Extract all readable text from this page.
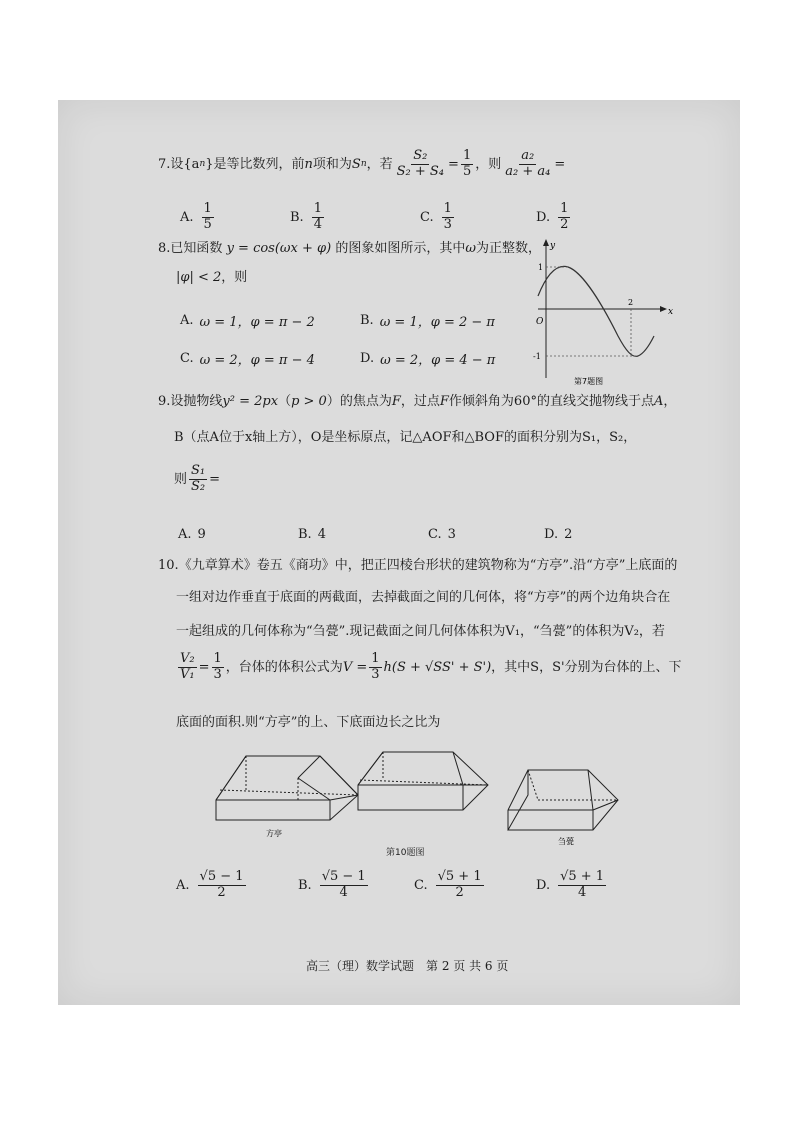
7. 设{a n }是等比数列，前 n 项和为 S n ，若 $\frac{\text{S₂}}{\text{S₂ + S₄}} = \frac{1}{5}$ ，则 $\frac{\text{a₂}}{\text{a₂ + a₄}}$ =
A. $\frac{1}{5}$	B. $\frac{1}{4}$	C. $\frac{1}{3}$	D. $\frac{1}{2}$
8.已知函数 y = cos(ωx + φ) 的图象如图所示，其中ω为正整数，
|φ| < 2，则
A. ω = 1，φ = π − 2	B. ω = 1，φ = 2 − π
C. ω = 2，φ = π − 4	D. ω = 2，φ = 4 − π
y
x
O
1
-1
2
第7题图
9.设抛物线y² = 2px（p > 0）的焦点为F，过点F作倾斜角为60°的直线交抛物线于点A，
B（点A位于x轴上方），O是坐标原点，记△AOF和△BOF的面积分别为S₁，S₂，
则 $\frac{\text{S₁}}{\text{S₂}}$ =
A. 9	B. 4	C. 3	D. 2
10.《九章算术》卷五《商功》中，把正四棱台形状的建筑物称为“方亭”.沿“方亭”上底面的
一组对边作垂直于底面的两截面，去掉截面之间的几何体，将“方亭”的两个边角块合在
一起组成的几何体称为“刍甍”.现记截面之间几何体体积为V₁，“刍甍”的体积为V₂，若
$\frac{\text{V₂}}{\text{V₁}} = \frac{1}{3}$ ，台体的体积公式为 $V = \frac{1}{3} h(S + √SS' + S')$ ，其中S，S'分别为台体的上、下
底面的面积.则“方亭”的上、下底面边长之比为
方亭
刍甍
第10题图
A. $\frac{√5 - 1}{2}$	B. $\frac{√5 - 1}{4}$	C. $\frac{√5 + 1}{2}$	D. $\frac{√5 + 1}{4}$
高三（理）数学试题　第 2 页 共 6 页
